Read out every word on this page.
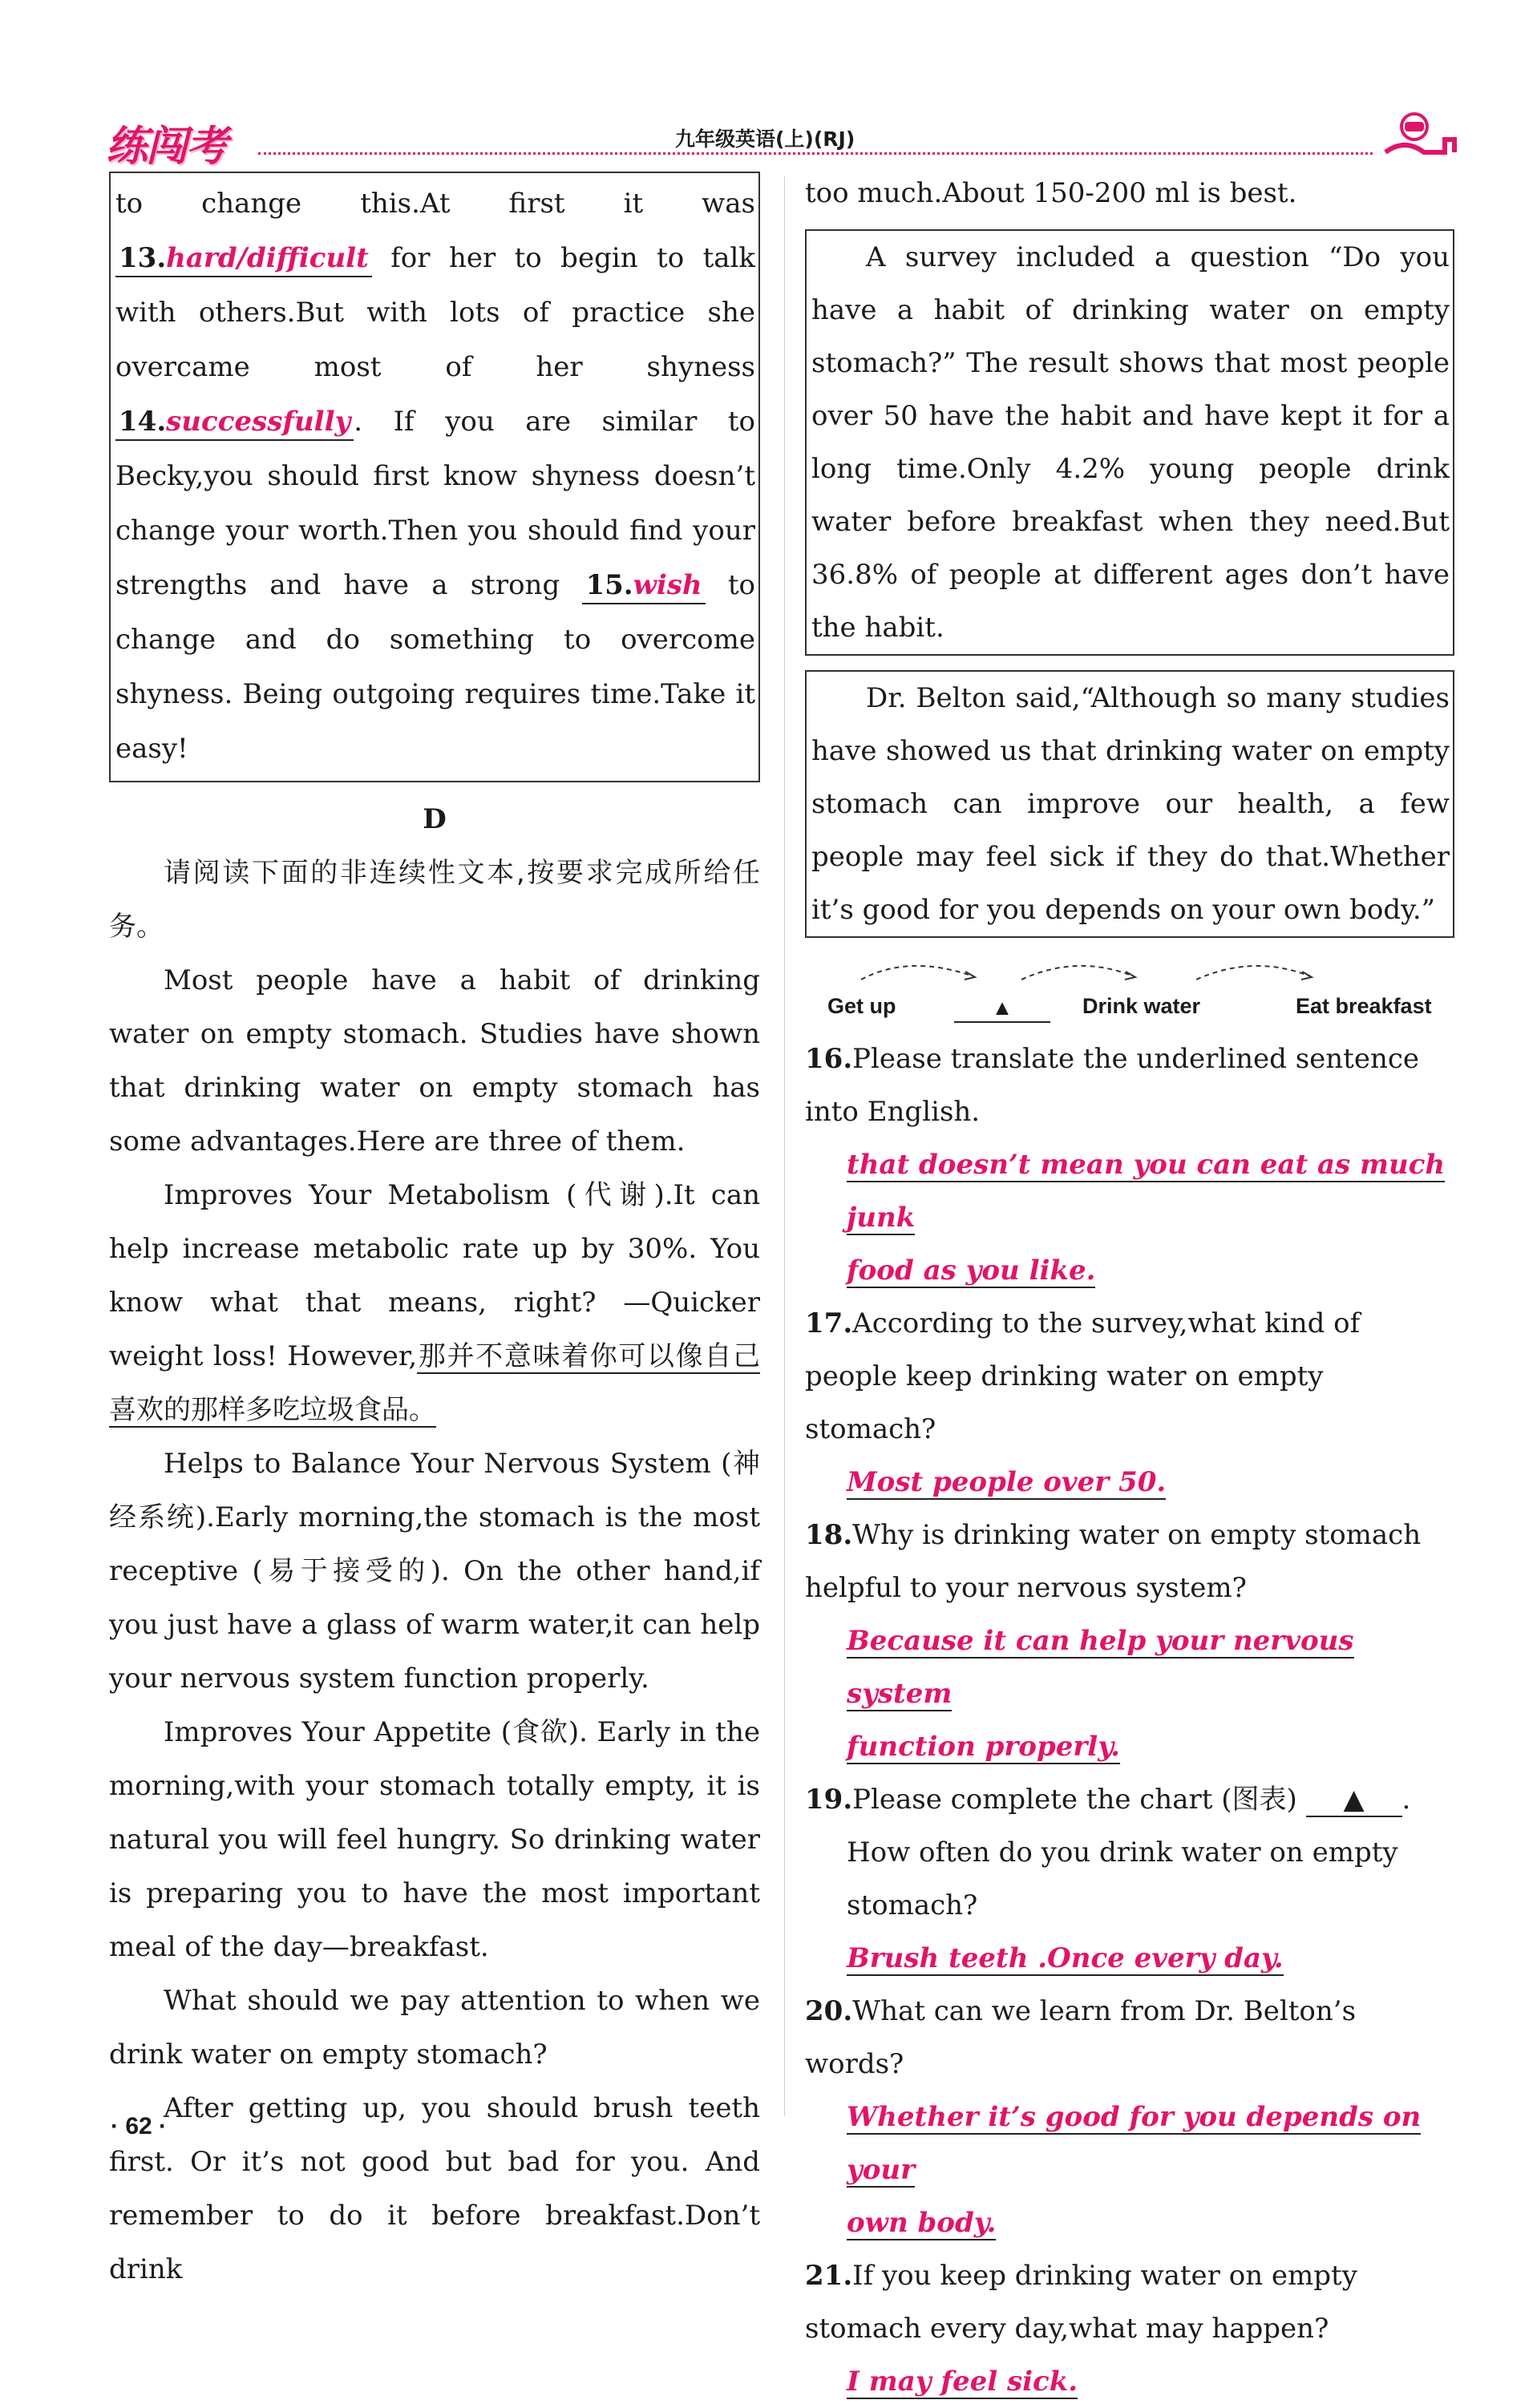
练闯考	九年级英语(上)(RJ)

to change this.At first it was 13.hard/difficult for her to begin to talk with others.But with lots of practice she overcame most of her shyness 14.successfully . If you are similar to Becky,you should first know shyness doesn’t change your worth.Then you should find your strengths and have a strong 15.wish to change and do something to overcome shyness. Being outgoing requires time.Take it easy!

D

请阅读下面的非连续性文本,按要求完成所给任务。

Most people have a habit of drinking water on empty stomach. Studies have shown that drinking water on empty stomach has some advantages.Here are three of them.

Improves Your Metabolism (代谢).It can help increase metabolic rate up by 30%. You know what that means, right? —Quicker weight loss! However,那并不意味着你可以像自己喜欢的那样多吃垃圾食品。

Helps to Balance Your Nervous System (神经系统).Early morning,the stomach is the most receptive (易于接受的). On the other hand,if you just have a glass of warm water,it can help your nervous system function properly.

Improves Your Appetite (食欲). Early in the morning,with your stomach totally empty, it is natural you will feel hungry. So drinking water is preparing you to have the most important meal of the day—breakfast.

What should we pay attention to when we drink water on empty stomach?

After getting up, you should brush teeth first. Or it’s not good but bad for you. And remember to do it before breakfast.Don’t drink

too much.About 150-200 ml is best.

A survey included a question “Do you have a habit of drinking water on empty stomach?” The result shows that most people over 50 have the habit and have kept it for a long time.Only 4.2% young people drink water before breakfast when they need.But 36.8% of people at different ages don’t have the habit.

Dr. Belton said,“Although so many studies have showed us that drinking water on empty stomach can improve our health, a few people may feel sick if they do that.Whether it’s good for you depends on your own body.”

Get up	▲	Drink water	Eat breakfast

16.Please translate the underlined sentence into English.

that doesn’t mean you can eat as much junk

food as you like.

17.According to the survey,what kind of people keep drinking water on empty stomach?

Most people over 50.

18.Why is drinking water on empty stomach helpful to your nervous system?

Because it can help your nervous system

function properly.

19.Please complete the chart (图表) ▲ .

How often do you drink water on empty stomach?

Brush teeth .Once every day.

20.What can we learn from Dr. Belton’s words?

Whether it’s good for you depends on your

own body.

21.If you keep drinking water on empty stomach every day,what may happen?

I may feel sick.

· 62 ·
